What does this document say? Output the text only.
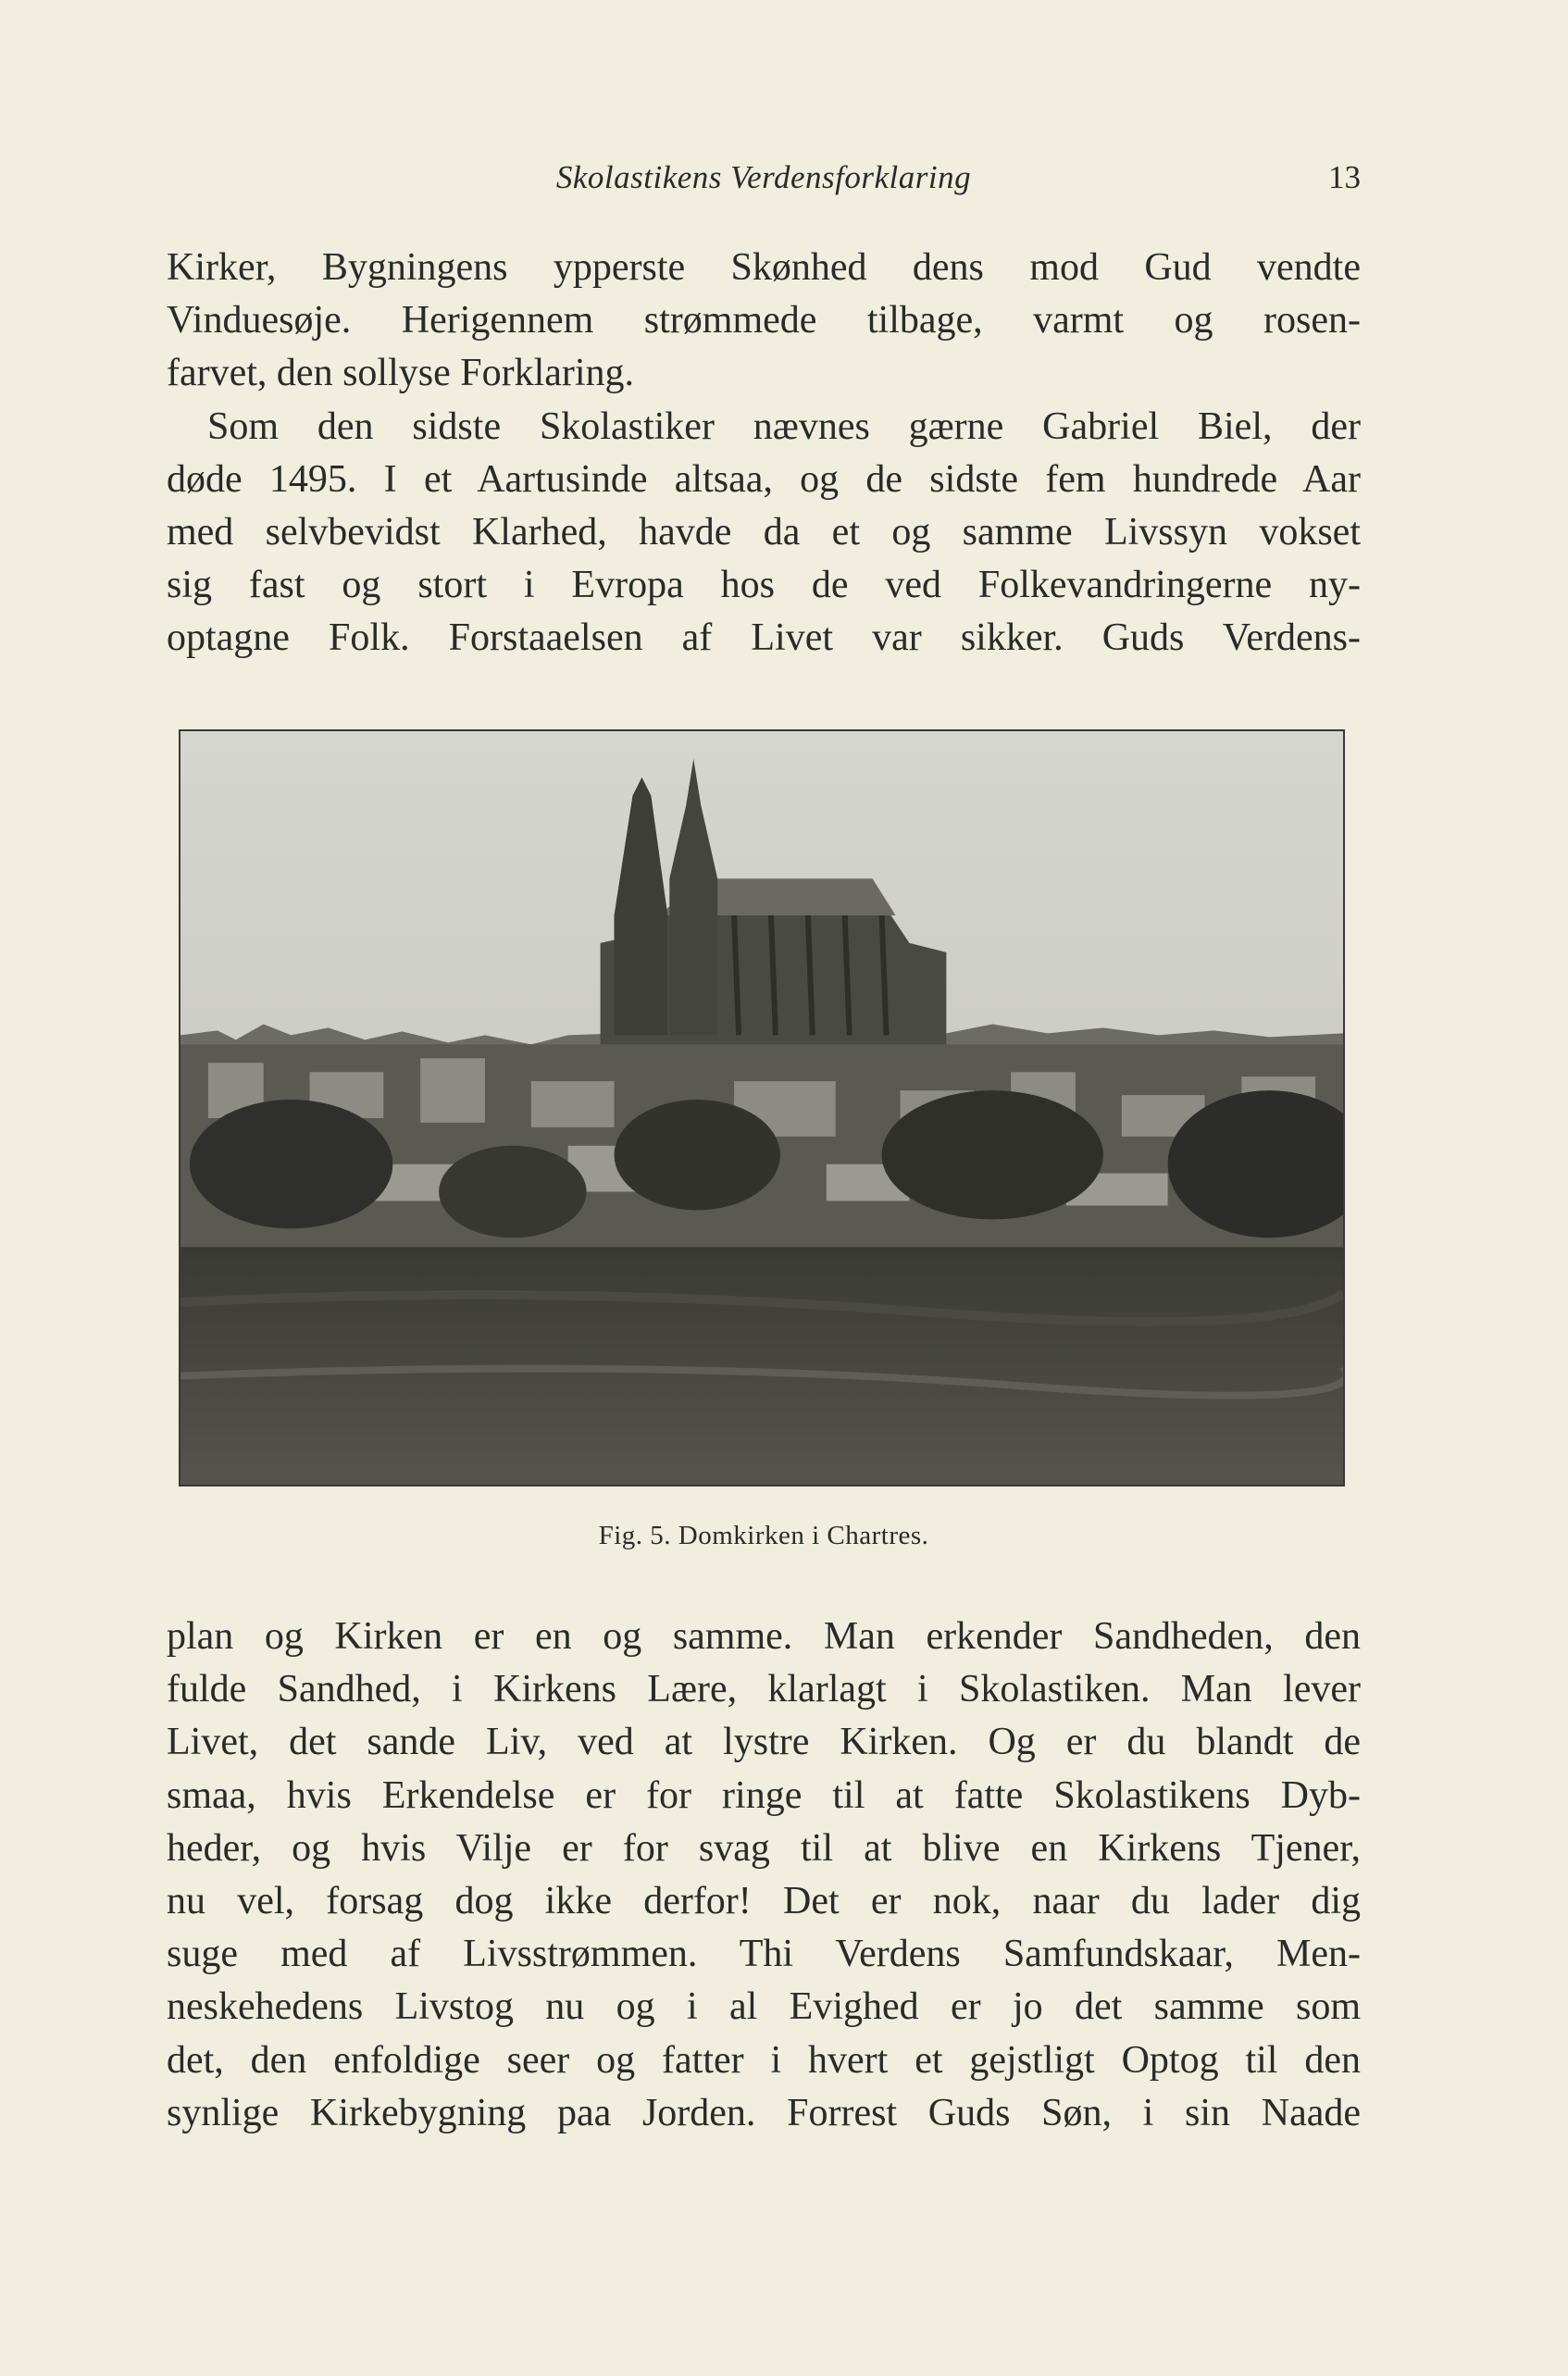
Skolastikens Verdensforklaring	13
Kirker, Bygningens ypperste Skønhed dens mod Gud vendte
Vinduesøje. Herigennem strømmede tilbage, varmt og rosen-
farvet, den sollyse Forklaring.
Som den sidste Skolastiker nævnes gærne Gabriel Biel, der
døde 1495. I et Aartusinde altsaa, og de sidste fem hundrede Aar
med selvbevidst Klarhed, havde da et og samme Livssyn vokset
sig fast og stort i Evropa hos de ved Folkevandringerne ny-
optagne Folk. Forstaaelsen af Livet var sikker. Guds Verdens-
Fig. 5. Domkirken i Chartres.
plan og Kirken er en og samme. Man erkender Sandheden, den
fulde Sandhed, i Kirkens Lære, klarlagt i Skolastiken. Man lever
Livet, det sande Liv, ved at lystre Kirken. Og er du blandt de
smaa, hvis Erkendelse er for ringe til at fatte Skolastikens Dyb-
heder, og hvis Vilje er for svag til at blive en Kirkens Tjener,
nu vel, forsag dog ikke derfor! Det er nok, naar du lader dig
suge med af Livsstrømmen. Thi Verdens Samfundskaar, Men-
neskehedens Livstog nu og i al Evighed er jo det samme som
det, den enfoldige seer og fatter i hvert et gejstligt Optog til den
synlige Kirkebygning paa Jorden. Forrest Guds Søn, i sin Naade
